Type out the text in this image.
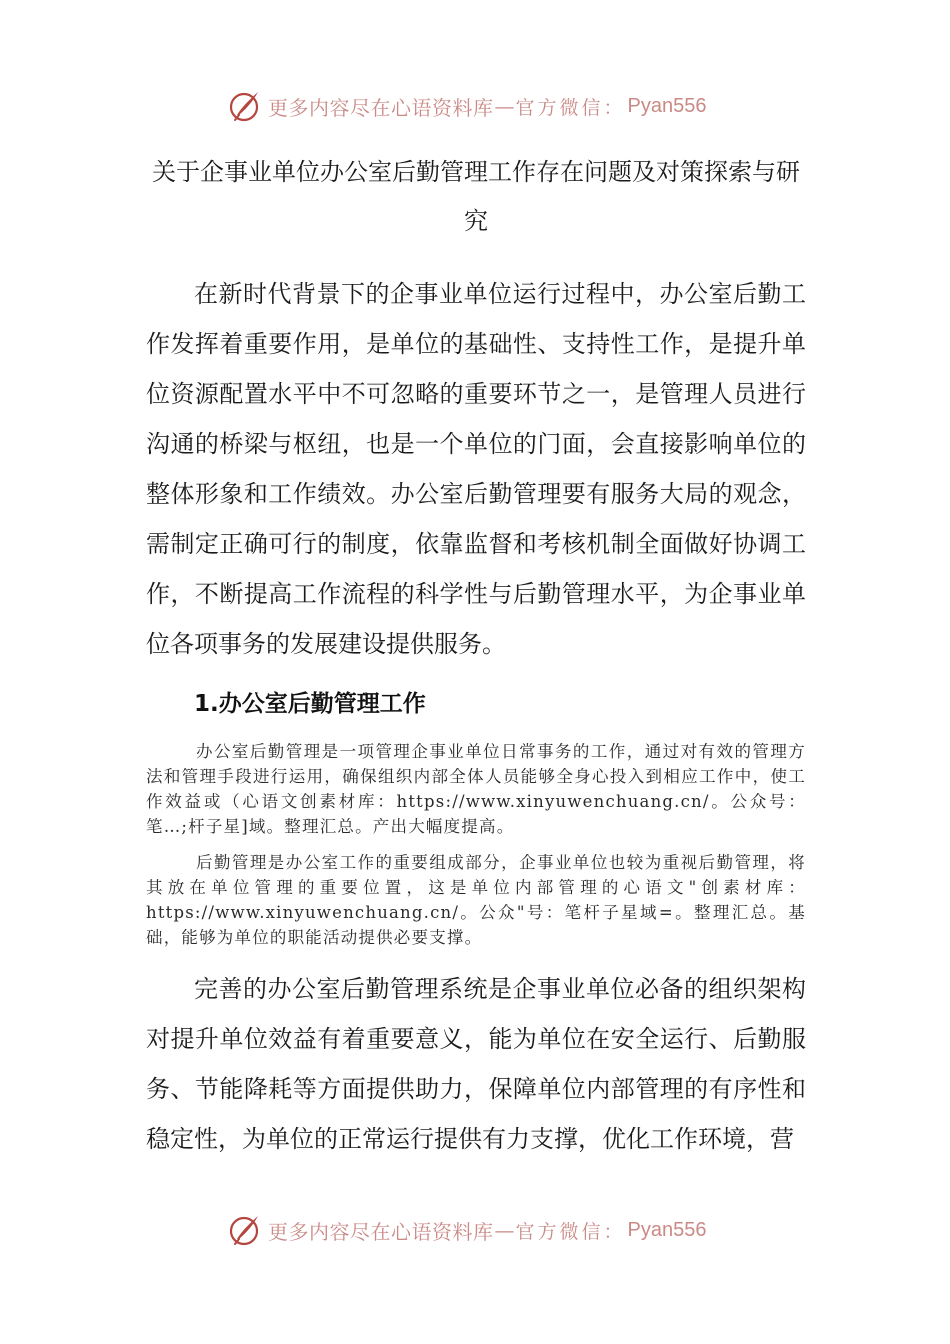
更多内容尽在心语资料库 — 官方微信： Pyan556
关于企事业单位办公室后勤管理工作存在问题及对策探索与研究

在新时代背景下的企事业单位运行过程中，办公室后勤工作发挥着重要作用，是单位的基础性、支持性工作，是提升单位资源配置水平中不可忽略的重要环节之一，是管理人员进行沟通的桥梁与枢纽，也是一个单位的门面，会直接影响单位的整体形象和工作绩效。办公室后勤管理要有服务大局的观念，需制定正确可行的制度，依靠监督和考核机制全面做好协调工作，不断提高工作流程的科学性与后勤管理水平，为企事业单位各项事务的发展建设提供服务。

1.办公室后勤管理工作

办公室后勤管理是一项管理企事业单位日常事务的工作，通过对有效的管理方法和管理手段进行运用，确保组织内部全体人员能够全身心投入到相应工作中，使工作效益或（心语文创素材库：https://www.xinyuwenchuang.cn/。公众号：笔…;杆子星]域。整理汇总。产出大幅度提高。

后勤管理是办公室工作的重要组成部分，企事业单位也较为重视后勤管理，将其放在单位管理的重要位置，这是单位内部管理的心语文"创素材库：https://www.xinyuwenchuang.cn/。公众"号：笔杆子星域=。整理汇总。基础，能够为单位的职能活动提供必要支撑。

完善的办公室后勤管理系统是企事业单位必备的组织架构对提升单位效益有着重要意义，能为单位在安全运行、后勤服务、节能降耗等方面提供助力，保障单位内部管理的有序性和稳定性，为单位的正常运行提供有力支撑，优化工作环境，营

更多内容尽在心语资料库 — 官方微信： Pyan556
